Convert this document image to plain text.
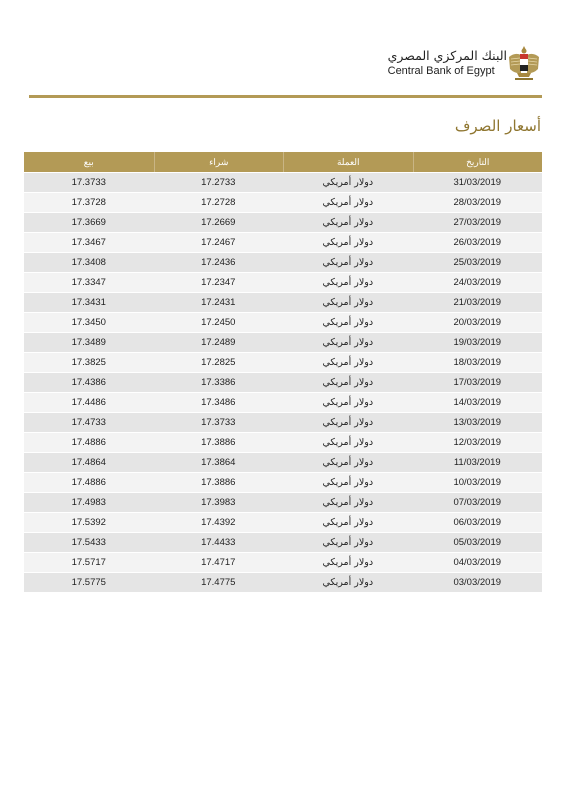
البنك المركزي المصري
Central Bank of Egypt
أسعار الصرف
بيع	شراء	العملة	التاريخ
17.3733	17.2733	دولار أمريكي	31/03/2019
17.3728	17.2728	دولار أمريكي	28/03/2019
17.3669	17.2669	دولار أمريكي	27/03/2019
17.3467	17.2467	دولار أمريكي	26/03/2019
17.3408	17.2436	دولار أمريكي	25/03/2019
17.3347	17.2347	دولار أمريكي	24/03/2019
17.3431	17.2431	دولار أمريكي	21/03/2019
17.3450	17.2450	دولار أمريكي	20/03/2019
17.3489	17.2489	دولار أمريكي	19/03/2019
17.3825	17.2825	دولار أمريكي	18/03/2019
17.4386	17.3386	دولار أمريكي	17/03/2019
17.4486	17.3486	دولار أمريكي	14/03/2019
17.4733	17.3733	دولار أمريكي	13/03/2019
17.4886	17.3886	دولار أمريكي	12/03/2019
17.4864	17.3864	دولار أمريكي	11/03/2019
17.4886	17.3886	دولار أمريكي	10/03/2019
17.4983	17.3983	دولار أمريكي	07/03/2019
17.5392	17.4392	دولار أمريكي	06/03/2019
17.5433	17.4433	دولار أمريكي	05/03/2019
17.5717	17.4717	دولار أمريكي	04/03/2019
17.5775	17.4775	دولار أمريكي	03/03/2019
